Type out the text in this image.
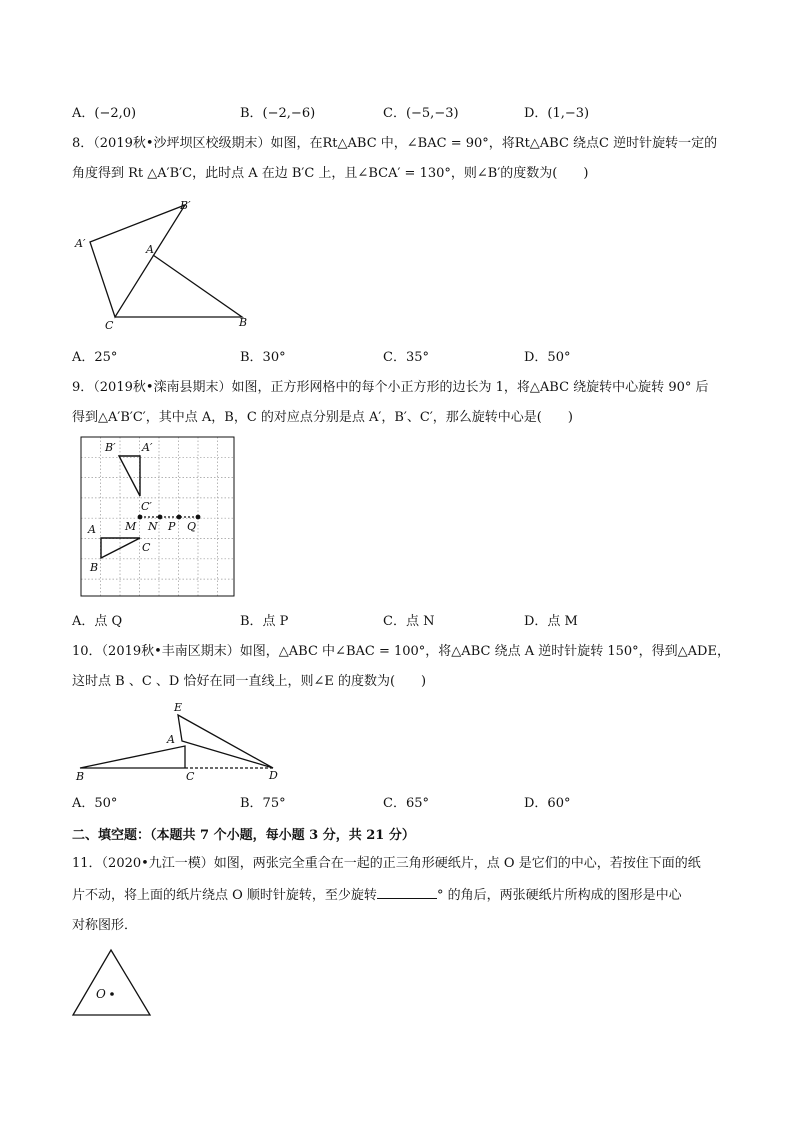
A．(−2,0)	B．(−2,−6)	C．(−5,−3)	D．(1,−3)
8．（2019秋•沙坪坝区校级期末）如图，在Rt△ABC 中，∠BAC = 90°，将Rt△ABC 绕点C 逆时针旋转一定的
角度得到 Rt △A′B′C，此时点 A 在边 B′C 上，且∠BCA′ = 130°，则∠B′的度数为(　　)
B′
A′	A
C	B
A．25°	B．30°	C．35°	D．50°
9．（2019秋•滦南县期末）如图，正方形网格中的每个小正方形的边长为 1，将△ABC 绕旋转中心旋转 90° 后
得到△A′B′C′，其中点 A，B，C 的对应点分别是点 A′，B′、C′，那么旋转中心是(　　)
B′ A′
C′
A	M N P Q
C
B
A．点 Q	B．点 P	C．点 N	D．点 M
10．（2019秋•丰南区期末）如图，△ABC 中∠BAC = 100°，将△ABC 绕点 A 逆时针旋转 150°，得到△ADE，
这时点 B 、C 、D 恰好在同一直线上，则∠E 的度数为(　　)
E
A
B	C	D
A．50°	B．75°	C．65°	D．60°
二、填空题：（本题共 7 个小题，每小题 3 分，共 21 分）
11．（2020•九江一模）如图，两张完全重合在一起的正三角形硬纸片，点 O 是它们的中心，若按住下面的纸
片不动，将上面的纸片绕点 O 顺时针旋转，至少旋转	° 的角后，两张硬纸片所构成的图形是中心
对称图形．
O
